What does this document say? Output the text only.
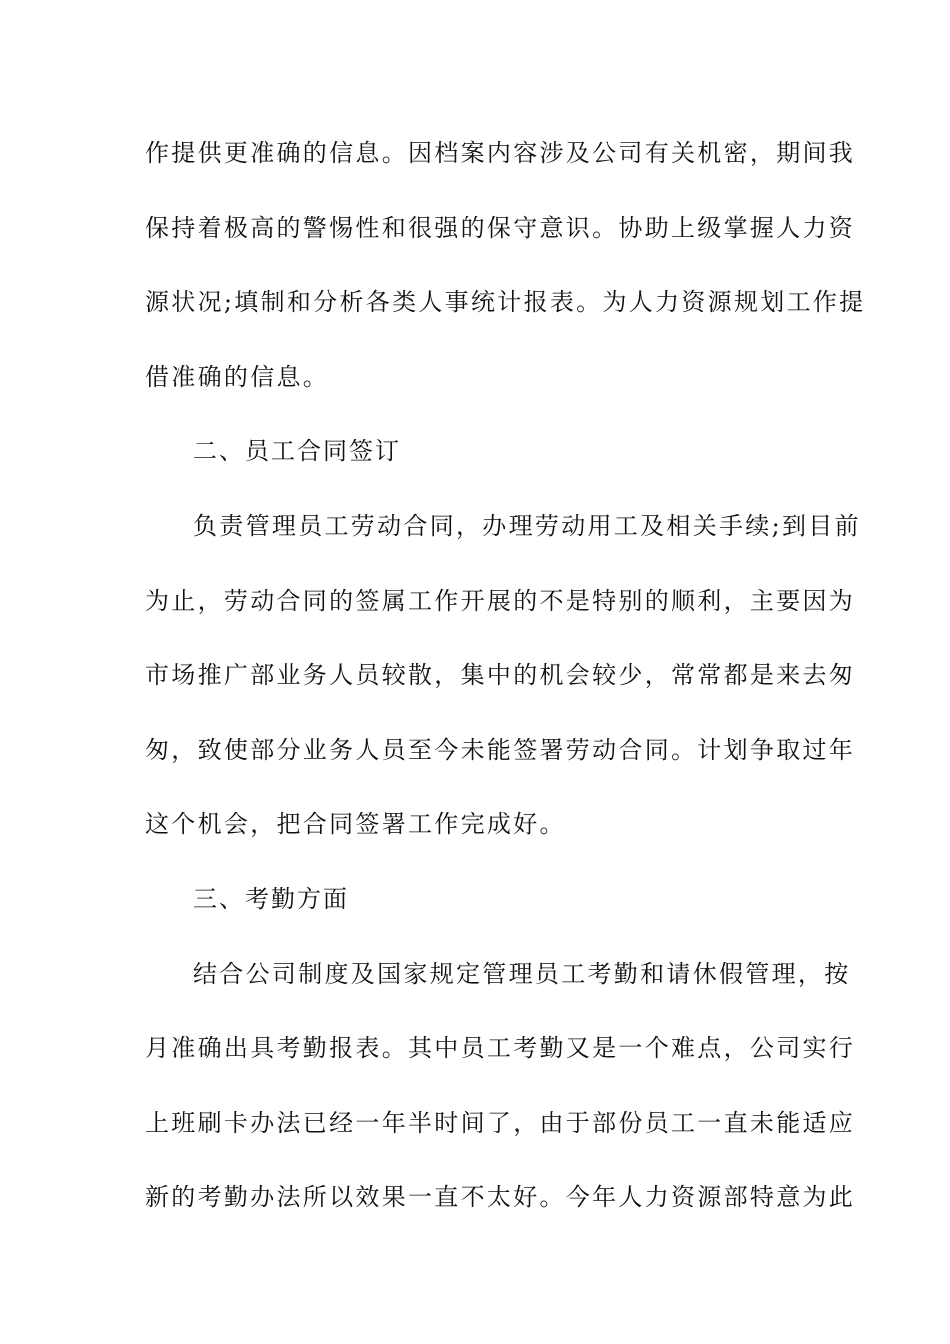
作提供更准确的信息。因档案内容涉及公司有关机密，期间我
保持着极高的警惕性和很强的保守意识。协助上级掌握人力资
源状况;填制和分析各类人事统计报表。为人力资源规划工作提
借准确的信息。
二、员工合同签订
负责管理员工劳动合同，办理劳动用工及相关手续;到目前
为止，劳动合同的签属工作开展的不是特别的顺利，主要因为
市场推广部业务人员较散，集中的机会较少，常常都是来去匆
匆，致使部分业务人员至今未能签署劳动合同。计划争取过年
这个机会，把合同签署工作完成好。
三、考勤方面
结合公司制度及国家规定管理员工考勤和请休假管理，按
月准确出具考勤报表。其中员工考勤又是一个难点，公司实行
上班刷卡办法已经一年半时间了，由于部份员工一直未能适应
新的考勤办法所以效果一直不太好。今年人力资源部特意为此
